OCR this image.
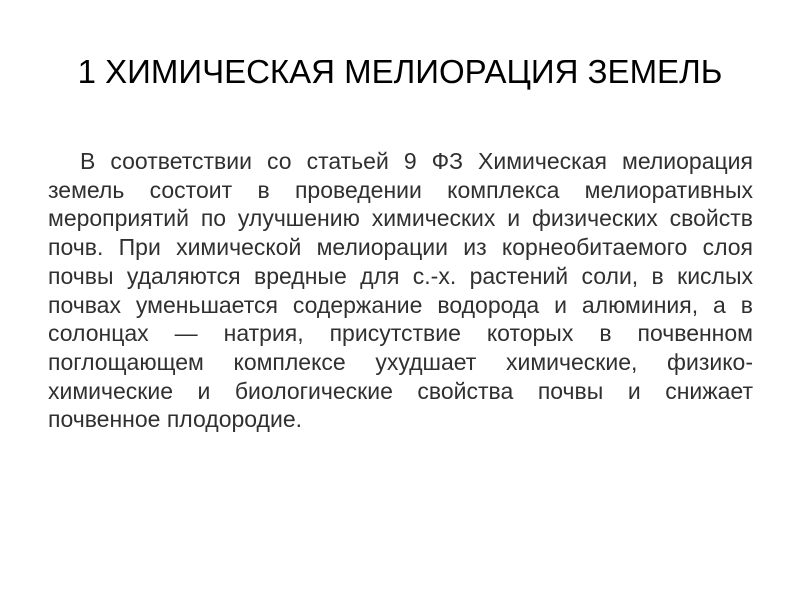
1 ХИМИЧЕСКАЯ МЕЛИОРАЦИЯ ЗЕМЕЛЬ

В соответствии со статьей 9 ФЗ Химическая мелиорация земель состоит в проведении комплекса мелиоративных мероприятий по улучшению химических и физических свойств почв. При химической мелиорации из корнеобитаемого слоя почвы удаляются вредные для с.-х. растений соли, в кислых почвах уменьшается содержание водорода и алюминия, а в солонцах — натрия, присутствие которых в почвенном поглощающем комплексе ухудшает химические, физико-химические и биологические свойства почвы и снижает почвенное плодородие.
